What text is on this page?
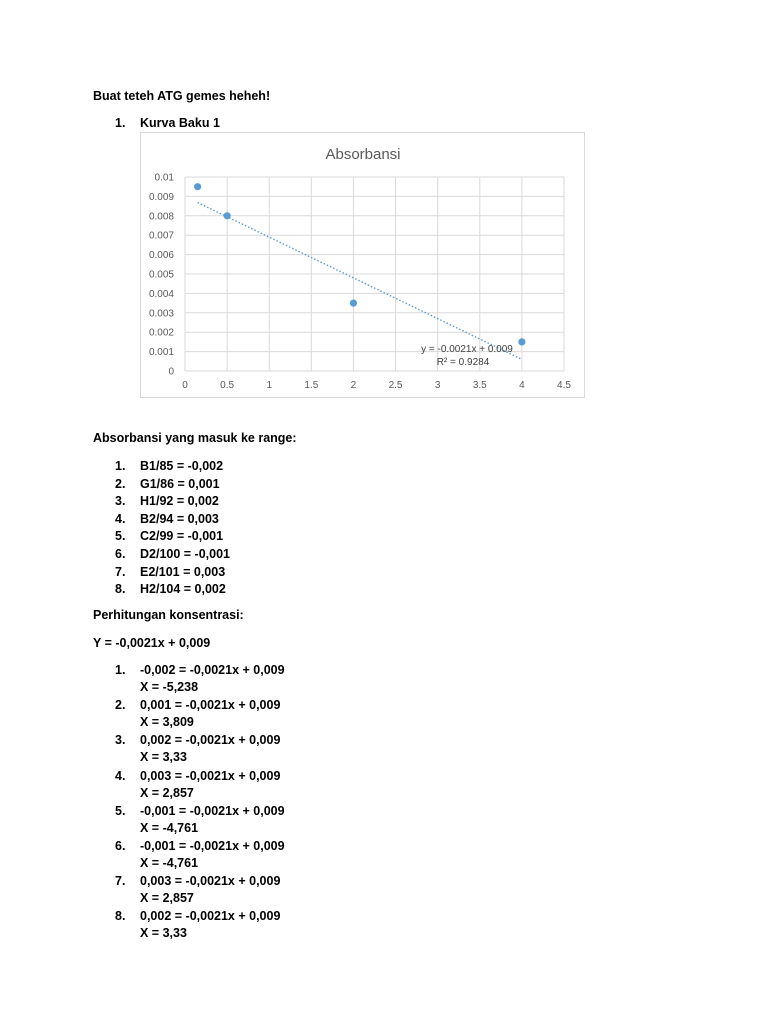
Buat teteh ATG gemes heheh!
1. Kurva Baku 1
Absorbansi
0
0.001
0.002
0.003
0.004
0.005
0.006
0.007
0.008
0.009
0.01
0	0.5	1	1.5	2	2.5	3	3.5	4	4.5
y = -0.0021x + 0.009
R² = 0.9284
Absorbansi yang masuk ke range:
1. B1/85 = -0,002
2. G1/86 = 0,001
3. H1/92 = 0,002
4. B2/94 = 0,003
5. C2/99 = -0,001
6. D2/100 = -0,001
7. E2/101 = 0,003
8. H2/104 = 0,002
Perhitungan konsentrasi:
Y = -0,0021x + 0,009
1. -0,002 = -0,0021x + 0,009
X = -5,238
2. 0,001 = -0,0021x + 0,009
X = 3,809
3. 0,002 = -0,0021x + 0,009
X = 3,33
4. 0,003 = -0,0021x + 0,009
X = 2,857
5. -0,001 = -0,0021x + 0,009
X = -4,761
6. -0,001 = -0,0021x + 0,009
X = -4,761
7. 0,003 = -0,0021x + 0,009
X = 2,857
8. 0,002 = -0,0021x + 0,009
X = 3,33
